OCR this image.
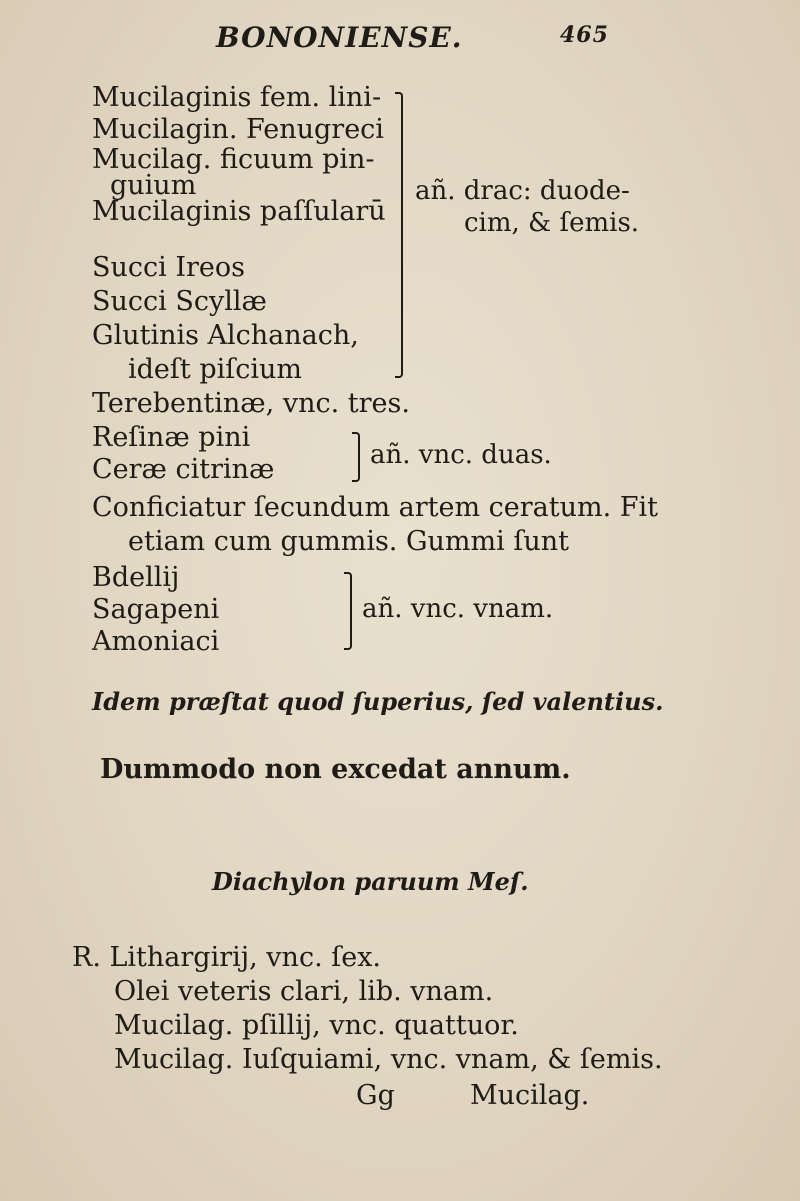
BONONIENSE.	465
Mucilaginis fem. lini-
Mucilagin. Fenugreci
Mucilag. ficuum pin-
guium
Mucilaginis paſſularū
Succi Ireos
Succi Scyllæ
Glutinis Alchanach,
ideſt piſcium
añ. drac: duode-
cim, & ſemis.
Terebentinæ, vnc. tres.
Reſinæ pini
Ceræ citrinæ	añ. vnc. duas.
Conficiatur ſecundum artem ceratum. Fit
etiam cum gummis. Gummi ſunt
Bdellij
Sagapeni
Amoniaci
añ. vnc. vnam.
Idem præſtat quod ſuperius, ſed valentius.
Dummodo non excedat annum.
Diachylon paruum Meſ.
R. Lithargirij, vnc. ſex.
Olei veteris clari, lib. vnam.
Mucilag. pſillij, vnc. quattuor.
Mucilag. Iuſquiami, vnc. vnam, & ſemis.
Gg	Mucilag.
